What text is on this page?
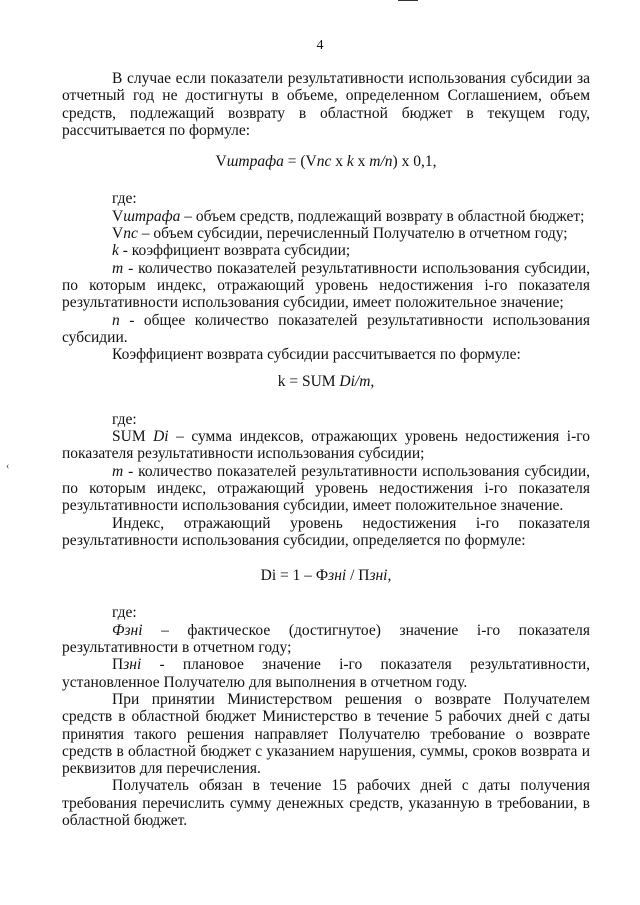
‹
4

В случае если показатели результативности использования субсидии за отчетный год не достигнуты в объеме, определенном Соглашением, объем средств, подлежащий возврату в областной бюджет в текущем году, рассчитывается по формуле:

Vштрафа = (Vпс x k x m/n) x 0,1,

где:

Vштрафа – объем средств, подлежащий возврату в областной бюджет;

Vпс – объем субсидии, перечисленный Получателю в отчетном году;

k - коэффициент возврата субсидии;

m - количество показателей результативности использования субсидии, по которым индекс, отражающий уровень недостижения i-го показателя результативности использования субсидии, имеет положительное значение;

n - общее количество показателей результативности использования субсидии.

Коэффициент возврата субсидии рассчитывается по формуле:

k = SUM Di/m,

где:

SUM Di – сумма индексов, отражающих уровень недостижения i-го показателя результативности использования субсидии;

m - количество показателей результативности использования субсидии, по которым индекс, отражающий уровень недостижения i-го показателя результативности использования субсидии, имеет положительное значение.

Индекс, отражающий уровень недостижения i-го показателя результативности использования субсидии, определяется по формуле:

Di = 1 – Фзні / Пзні,

где:

Фзні – фактическое (достигнутое) значение i-го показателя результативности в отчетном году;

Пзні - плановое значение i-го показателя результативности, установленное Получателю для выполнения в отчетном году.

При принятии Министерством решения о возврате Получателем средств в областной бюджет Министерство в течение 5 рабочих дней с даты принятия такого решения направляет Получателю требование о возврате средств в областной бюджет с указанием нарушения, суммы, сроков возврата и реквизитов для перечисления.

Получатель обязан в течение 15 рабочих дней с даты получения требования перечислить сумму денежных средств, указанную в требовании, в областной бюджет.
